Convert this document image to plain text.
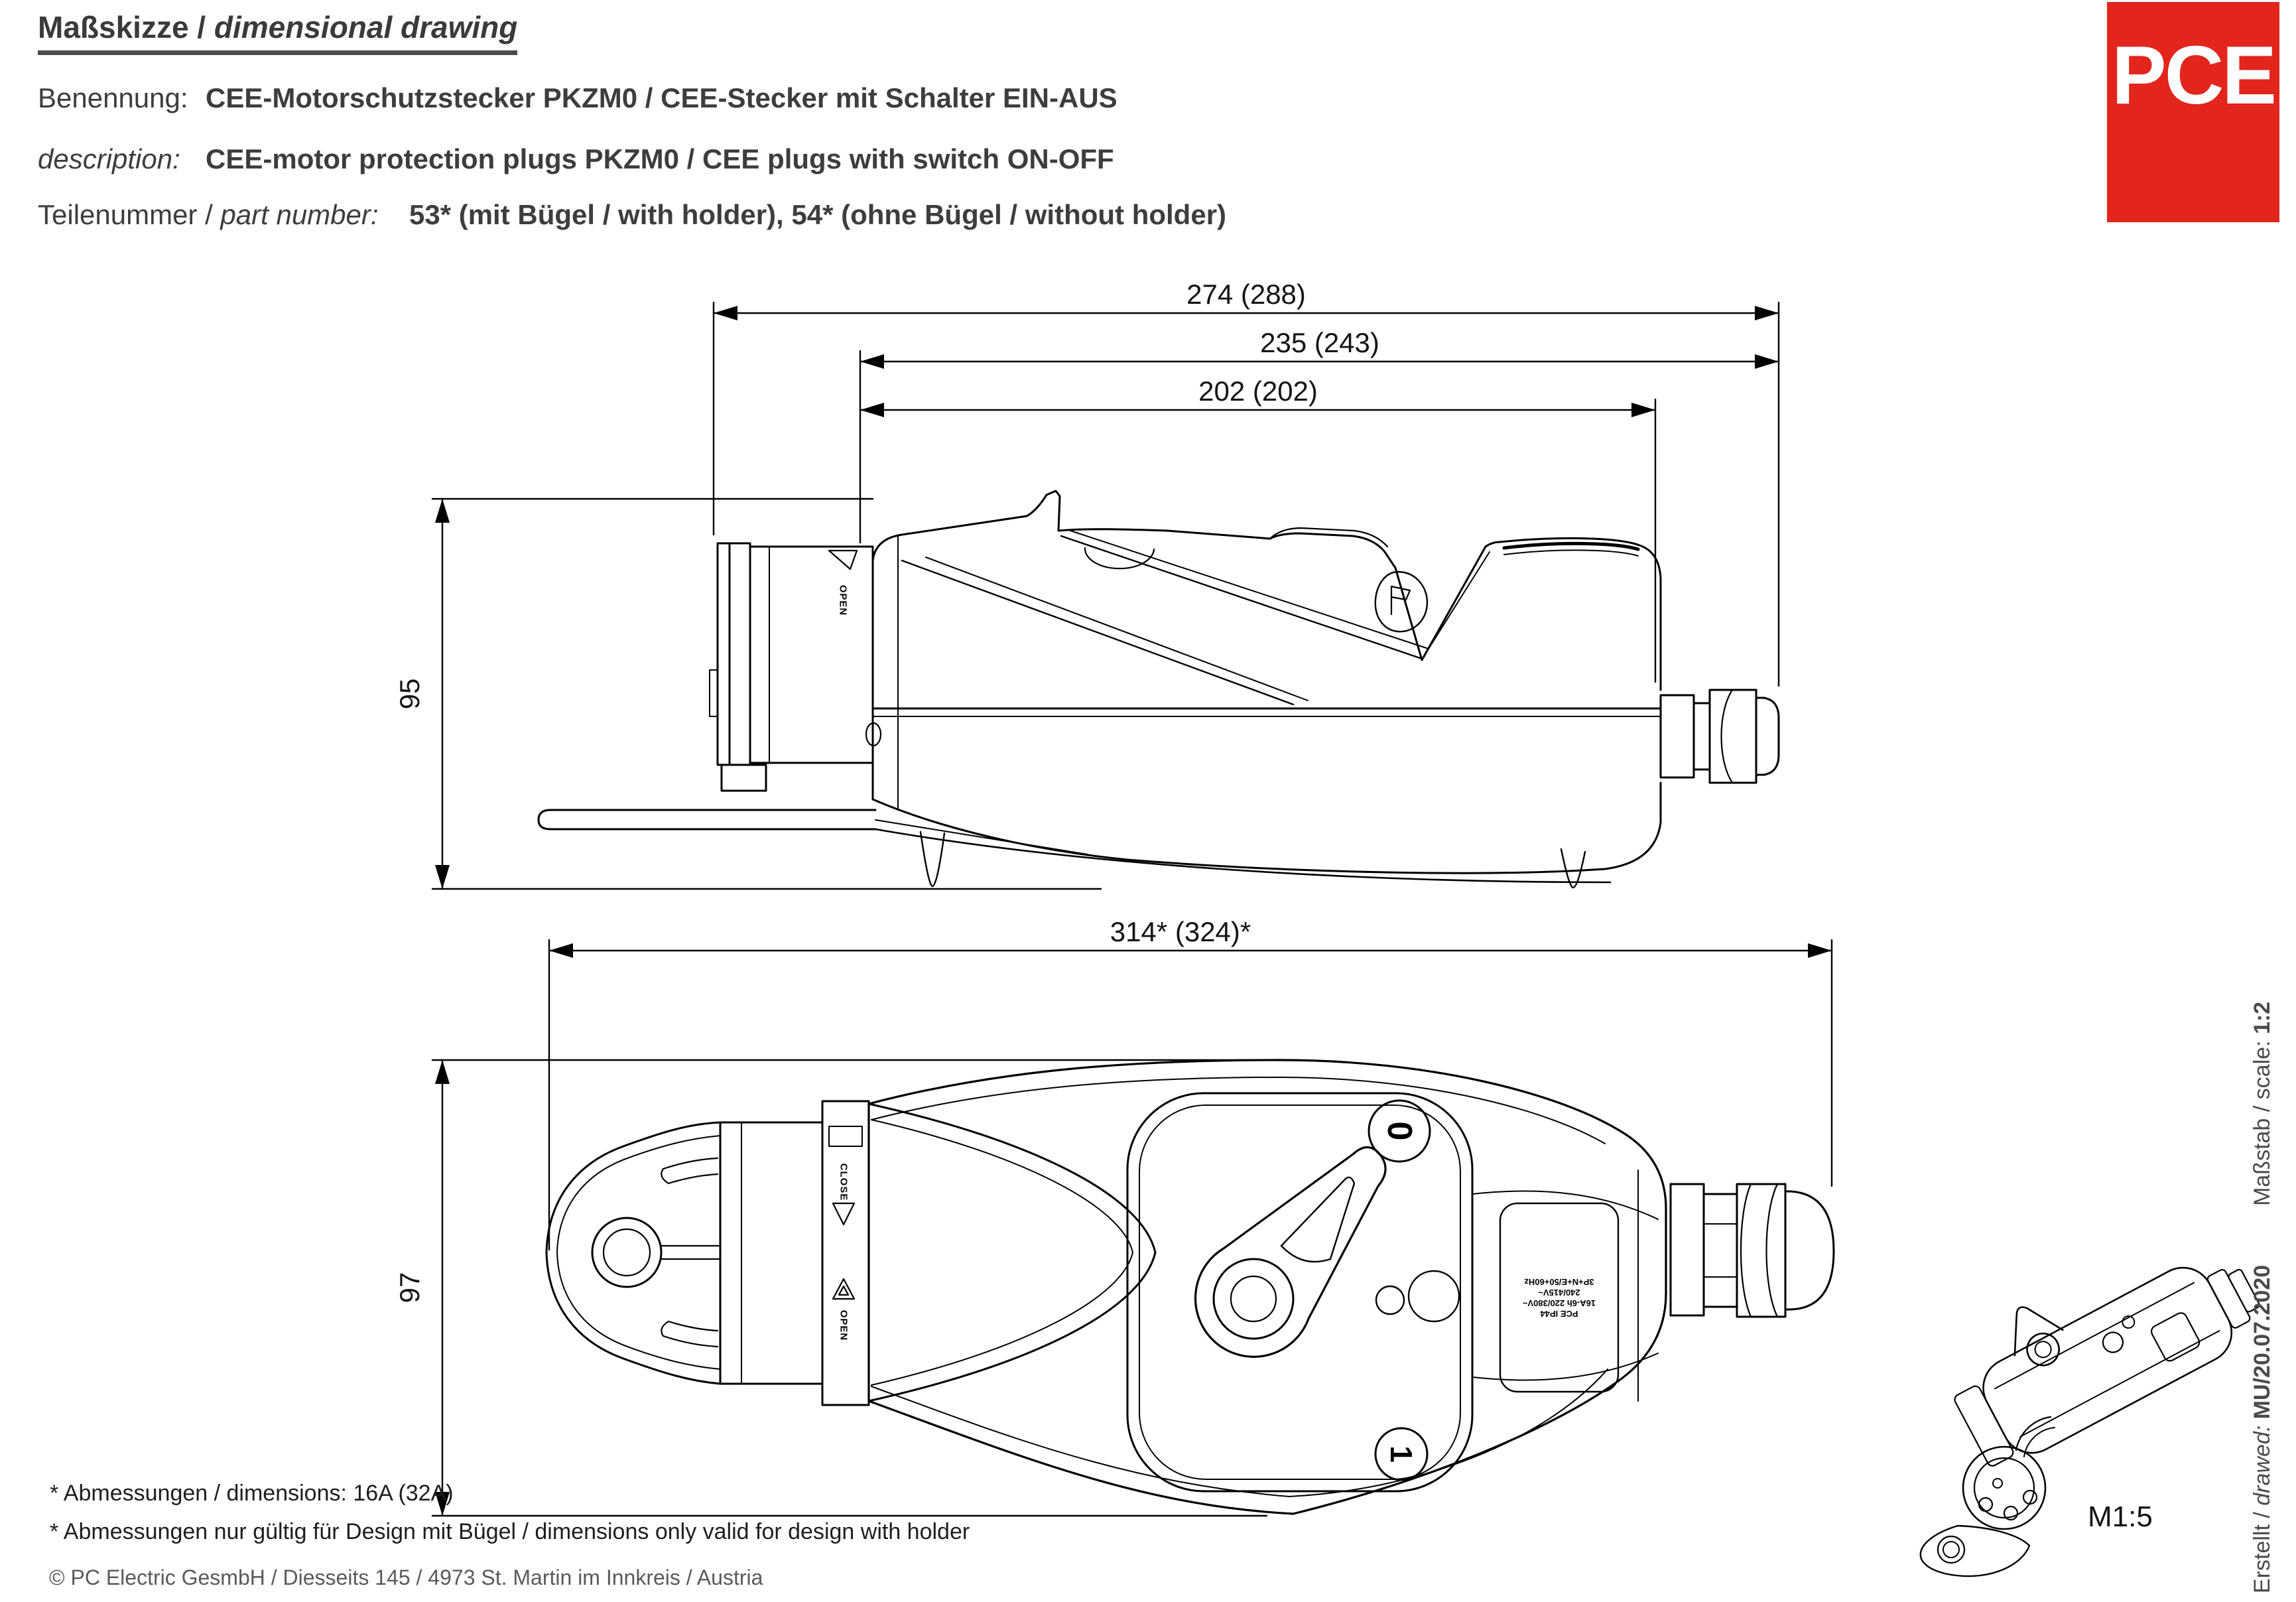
Maßskizze / dimensional drawing
Benennung: CEE-Motorschutzstecker PKZM0 / CEE-Stecker mit Schalter EIN-AUS
description: CEE-motor protection plugs PKZM0 / CEE plugs with switch ON-OFF
Teilenummer / part number: 53* (mit Bügel / with holder), 54* (ohne Bügel / without holder)
PCE
274 (288)
235 (243)
202 (202)
95
314* (324)*
97
OPEN
CLOSE
OPEN
0
1
PCE IP44
16A-6h 220/380V~
240/415V~
3P+N+E/50+60Hz
M1:5
* Abmessungen / dimensions: 16A (32A)
* Abmessungen nur gültig für Design mit Bügel / dimensions only valid for design with holder
© PC Electric GesmbH / Diesseits 145 / 4973 St. Martin im Innkreis / Austria	Erstellt / drawed: MU/20.07.2020  Maßstab / scale: 1:2
